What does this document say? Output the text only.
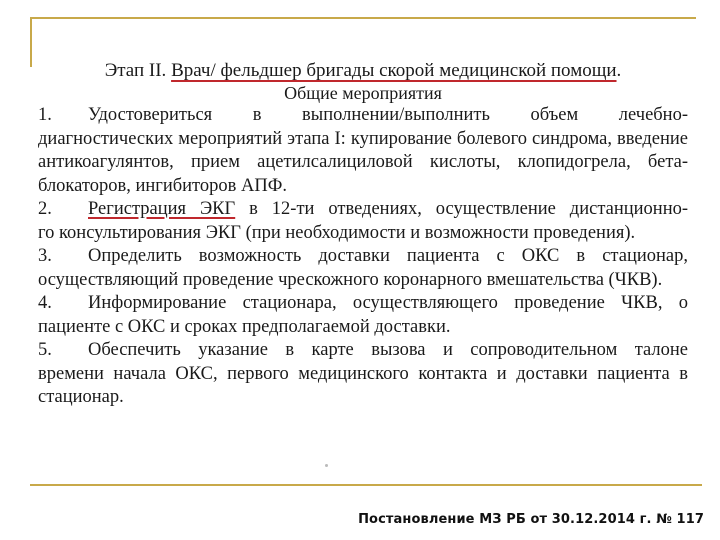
Этап II. Врач/ фельдшер бригады скорой медицинской помощи.
Общие мероприятия
1.	Удостовериться в выполнении/выполнить объем лечебно-
диагностических мероприятий этапа I: купирование болевого синдрома, введение антикоагулянтов, прием ацетилсалициловой кислоты, клопидогрела, бета-блокаторов, ингибиторов АПФ.
2.	Регистрация ЭКГ в 12-ти отведениях, осуществление дистанционно-
го консультирования ЭКГ (при необходимости и возможности проведения).
3.	Определить возможность доставки пациента с ОКС в стационар,
осуществляющий проведение чрескожного коронарного вмешательства (ЧКВ).
4.	Информирование стационара, осуществляющего проведение ЧКВ, о
пациенте с ОКС и сроках предполагаемой доставки.
5.	Обеспечить указание в карте вызова и сопроводительном талоне
времени начала ОКС, первого медицинского контакта и доставки пациента в стационар.
Постановление МЗ РБ от 30.12.2014 г. № 117
